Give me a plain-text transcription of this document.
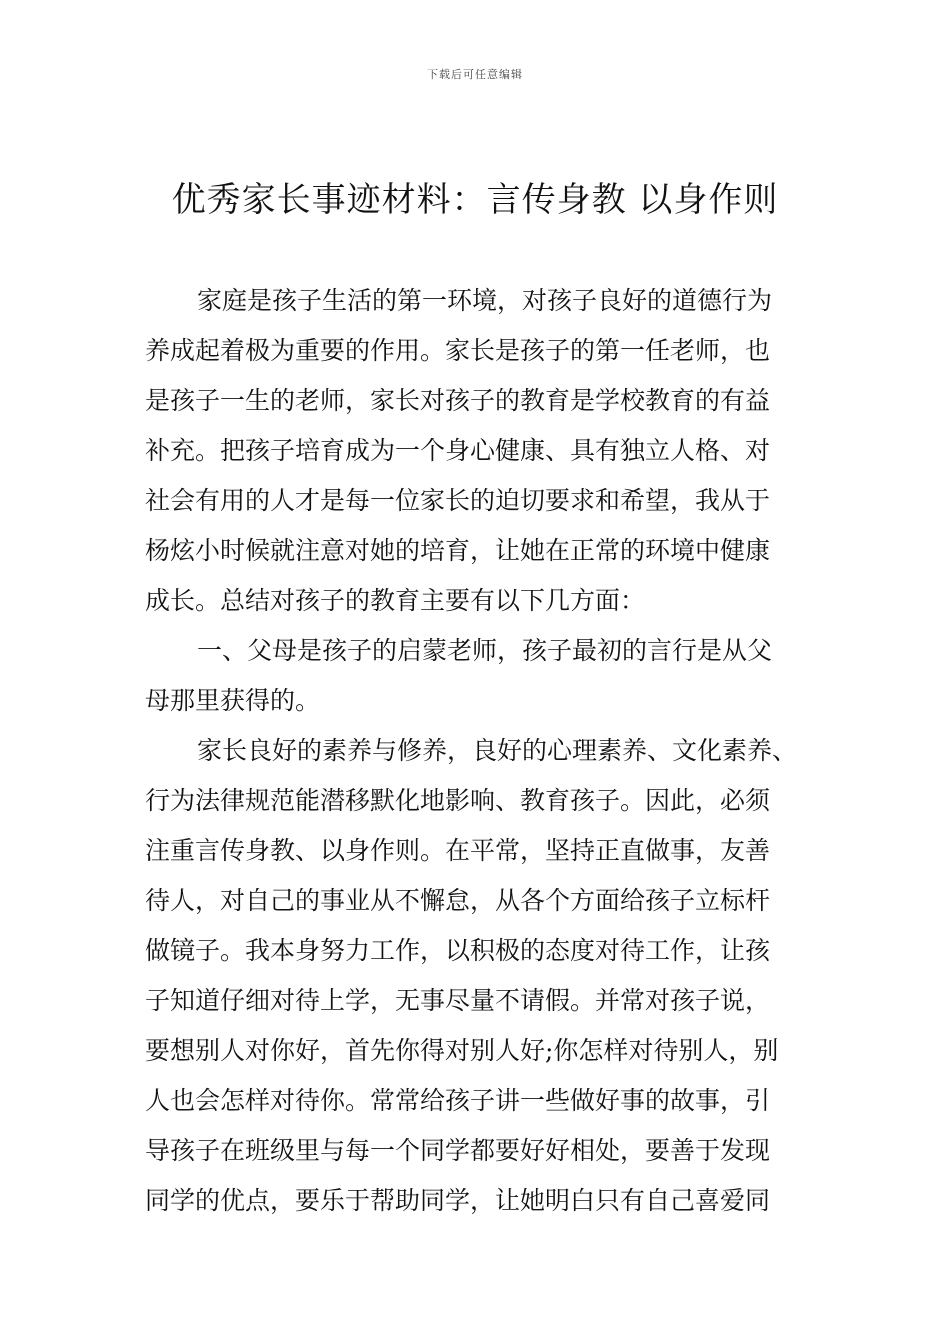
下载后可任意编辑
优秀家长事迹材料：言传身教 以身作则
家庭是孩子生活的第一环境，对孩子良好的道德行为
养成起着极为重要的作用。家长是孩子的第一任老师，也
是孩子一生的老师，家长对孩子的教育是学校教育的有益
补充。把孩子培育成为一个身心健康、具有独立人格、对
社会有用的人才是每一位家长的迫切要求和希望，我从于
杨炫小时候就注意对她的培育，让她在正常的环境中健康
成长。总结对孩子的教育主要有以下几方面：
一、父母是孩子的启蒙老师，孩子最初的言行是从父
母那里获得的。
家长良好的素养与修养，良好的心理素养、文化素养、
行为法律规范能潜移默化地影响、教育孩子。因此，必须
注重言传身教、以身作则。在平常，坚持正直做事，友善
待人，对自己的事业从不懈怠，从各个方面给孩子立标杆
做镜子。我本身努力工作，以积极的态度对待工作，让孩
子知道仔细对待上学，无事尽量不请假。并常对孩子说，
要想别人对你好，首先你得对别人好;你怎样对待别人，别
人也会怎样对待你。常常给孩子讲一些做好事的故事，引
导孩子在班级里与每一个同学都要好好相处，要善于发现
同学的优点，要乐于帮助同学，让她明白只有自己喜爱同
